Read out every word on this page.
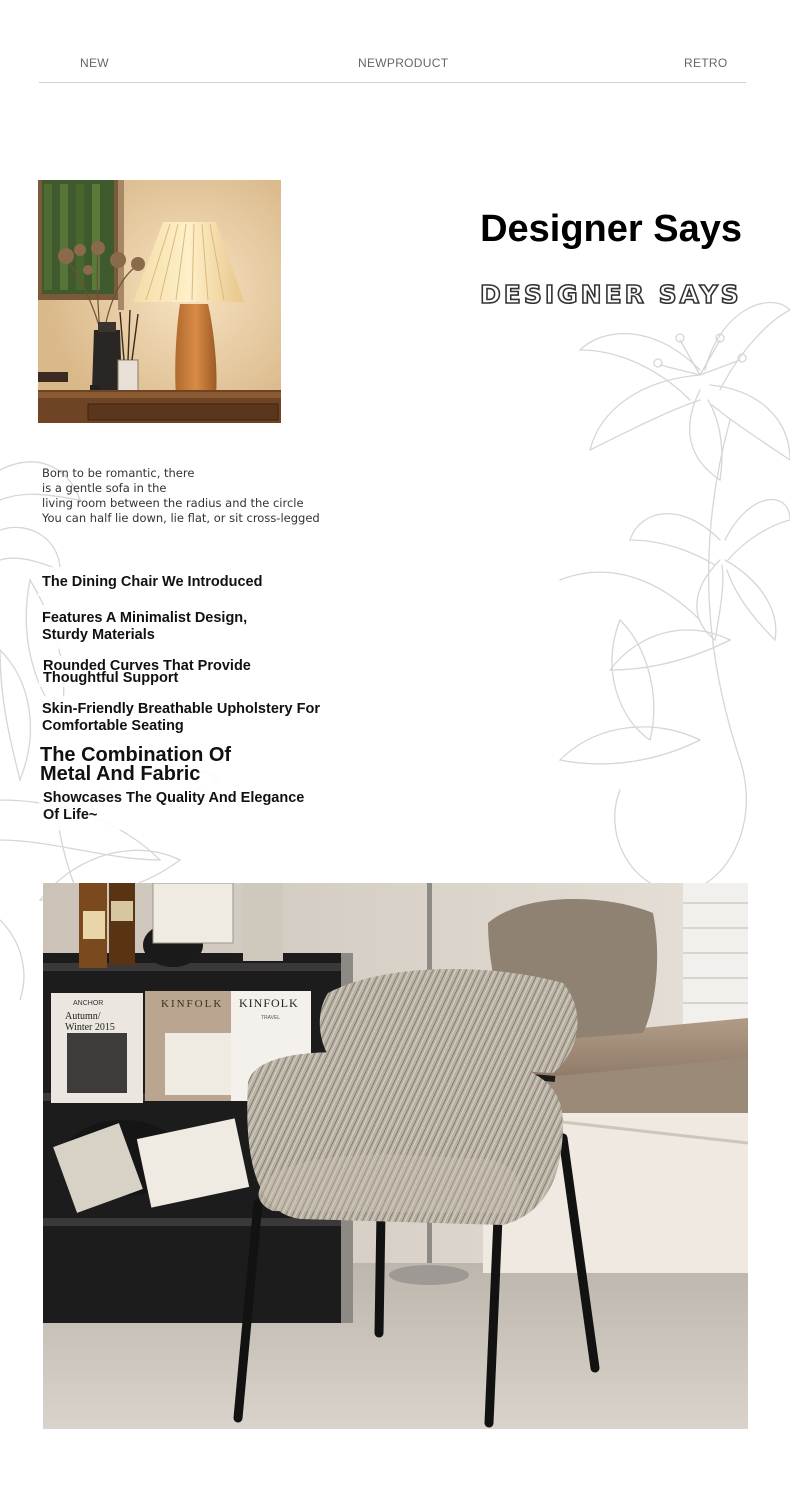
NEW	NEWPRODUCT	RETRO
Designer Says
DESIGNER SAYS
Born to be romantic, there
is a gentle sofa in the
living room between the radius and the circle
You can half lie down, lie flat, or sit cross-legged
The Dining Chair We Introduced
Features A Minimalist Design,
Sturdy Materials
Rounded Curves That Provide
Thoughtful Support
Skin-Friendly Breathable Upholstery For
Comfortable Seating
The Combination Of
Metal And Fabric
Showcases The Quality And Elegance
Of Life~
ANCHOR
Autumn/ Winter 2015
KINFOLK KINFOLK
TRAVEL
